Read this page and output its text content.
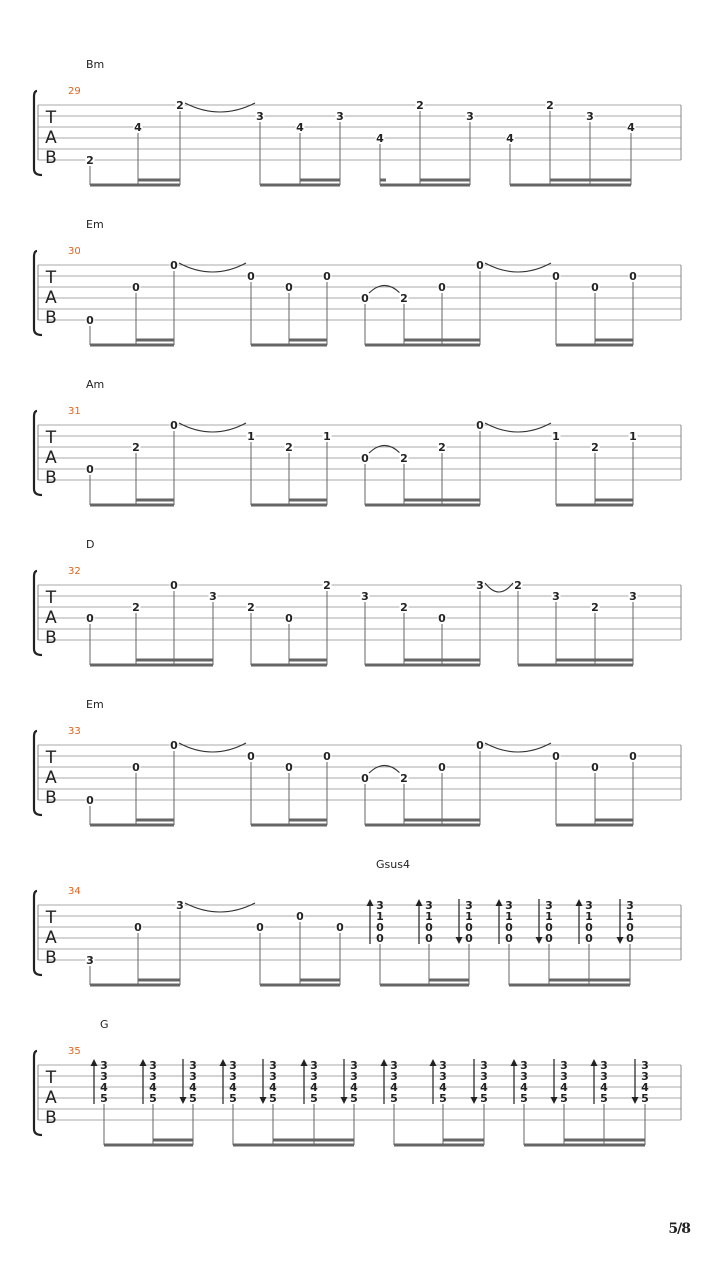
29
Bm
T
A
B	2
4
2
3
4
3
4
2
3
4
2
3
4
30
Em
T
A
B	0
0
0
0
0
0
0	2
0
0
0
0
0
31
Am
T
A
B	0
2
0
1
2
1
0	2
2
0
1
2
1
32
D
T
A
B
0
2
0
3
2
0
2
3
2
0
3	2
3
2
3
33
Em
T
A
B	0
0
0
0
0
0
0	2
0
0
0
0
0
34
Gsus4
T
A
B	3
0
3
0
0
0
3
1
0
0
3
1
0
0
3
1
0
0
3
1
0
0
3
1
0
0
3
1
0
0
3
1
0
0
35
G
T
A
B
3
3
4
5
3
3
4
5
3
3
4
5
3
3
4
5
3
3
4
5
3
3
4
5
3
3
4
5
3
3
4
5
3
3
4
5
3
3
4
5
3
3
4
5
3
3
4
5
3
3
4
5
3
3
4
5
5/8
